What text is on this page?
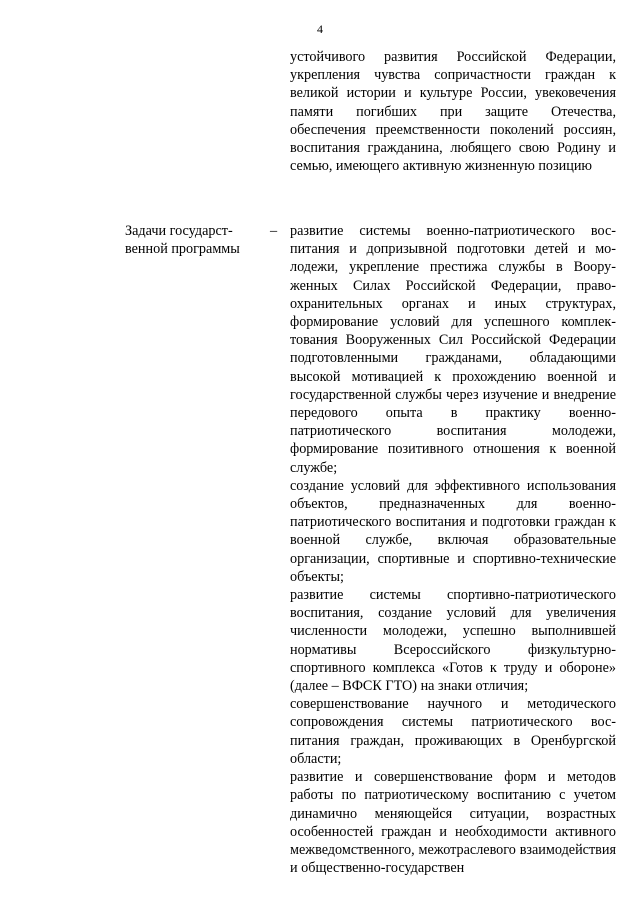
4
устойчивого развития Российской Федерации, укрепления чувства сопричастности граждан к великой истории и культуре России, увековечения памяти погибших при защите Отечества, обеспечения преемственности поколений россиян, воспитания гражданина, любящего свою Родину и семью, имеющего активную жизненную позицию
Задачи государственной программы
– развитие системы военно-патриотического воспитания и допризывной подготовки детей и молодежи, укрепление престижа службы в Вооруженных Силах Российской Федерации, правоохранительных органах и иных структурах, формирование условий для успешного комплектования Вооруженных Сил Российской Федерации подготовленными гражданами, обладающими высокой мотивацией к прохождению военной и государственной службы через изучение и внедрение передового опыта в практику военно-патриотического воспитания молодежи, формирование позитивного отношения к военной службе;
создание условий для эффективного использования объектов, предназначенных для военно-патриотического воспитания и подготовки граждан к военной службе, включая образовательные организации, спортивные и спортивно-технические объекты;
развитие системы спортивно-патриотического воспитания, создание условий для увеличения численности молодежи, успешно выполнившей нормативы Всероссийского физкультурно-спортивного комплекса «Готов к труду и обороне» (далее – ВФСК ГТО) на знаки отличия;
совершенствование научного и методического сопровождения системы патриотического воспитания граждан, проживающих в Оренбургской области;
развитие и совершенствование форм и методов работы по патриотическому воспитанию с учетом динамично меняющейся ситуации, возрастных особенностей граждан и необходимости активного межведомственного, межотраслевого взаимодействия и общественно-государствен
